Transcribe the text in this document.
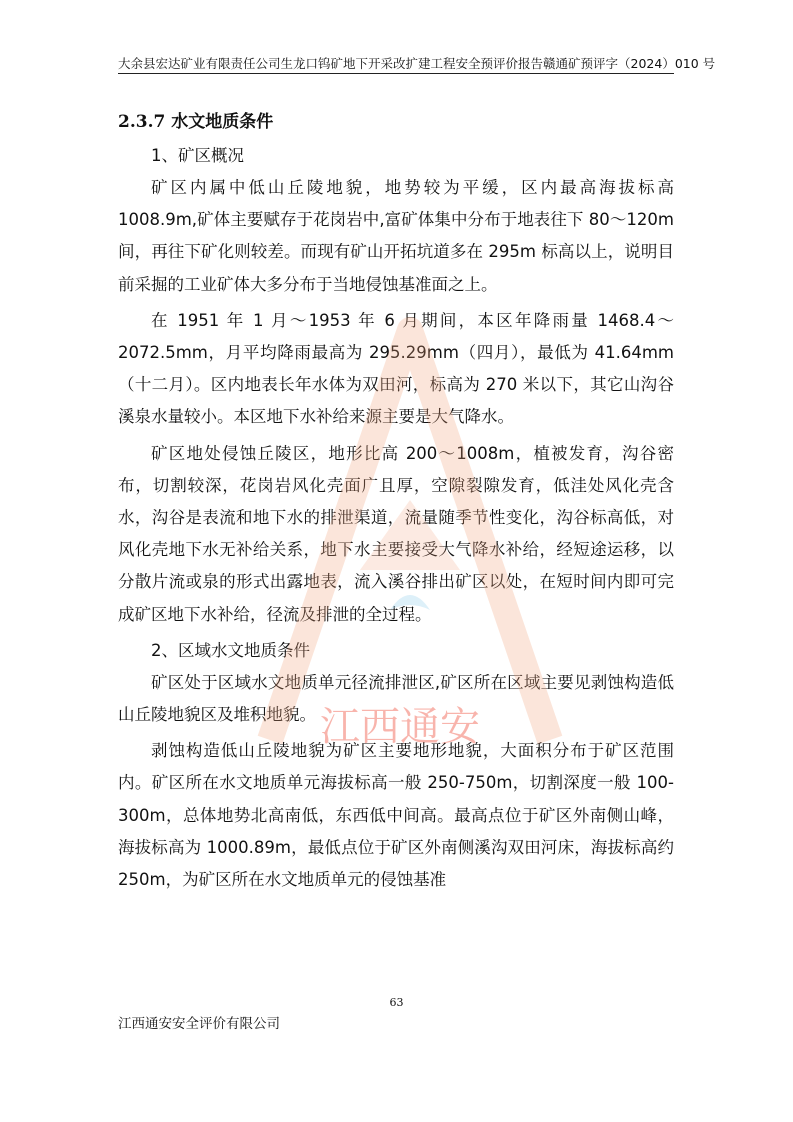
大余县宏达矿业有限责任公司生龙口钨矿地下开采改扩建工程安全预评价报告赣通矿预评字（2024）010 号
2.3.7 水文地质条件

1、矿区概况

矿区内属中低山丘陵地貌，地势较为平缓，区内最高海拔标高1008.9m,矿体主要赋存于花岗岩中,富矿体集中分布于地表往下 80～120m 间，再往下矿化则较差。而现有矿山开拓坑道多在 295m 标高以上，说明目前采掘的工业矿体大多分布于当地侵蚀基准面之上。

在 1951 年 1 月～1953 年 6 月期间，本区年降雨量 1468.4～2072.5mm，月平均降雨最高为 295.29mm（四月），最低为 41.64mm（十二月）。区内地表长年水体为双田河，标高为 270 米以下，其它山沟谷溪泉水量较小。本区地下水补给来源主要是大气降水。

矿区地处侵蚀丘陵区，地形比高 200～1008m，植被发育，沟谷密布，切割较深，花岗岩风化壳面广且厚，空隙裂隙发育，低洼处风化壳含水，沟谷是表流和地下水的排泄渠道，流量随季节性变化，沟谷标高低，对风化壳地下水无补给关系，地下水主要接受大气降水补给，经短途运移，以分散片流或泉的形式出露地表，流入溪谷排出矿区以处，在短时间内即可完成矿区地下水补给，径流及排泄的全过程。

2、区域水文地质条件

矿区处于区域水文地质单元径流排泄区,矿区所在区域主要见剥蚀构造低山丘陵地貌区及堆积地貌。

剥蚀构造低山丘陵地貌为矿区主要地形地貌，大面积分布于矿区范围内。矿区所在水文地质单元海拔标高一般 250-750m，切割深度一般 100-300m，总体地势北高南低，东西低中间高。最高点位于矿区外南侧山峰，海拔标高为 1000.89m，最低点位于矿区外南侧溪沟双田河床，海拔标高约 250m，为矿区所在水文地质单元的侵蚀基准

江西通安
63
江西通安安全评价有限公司
